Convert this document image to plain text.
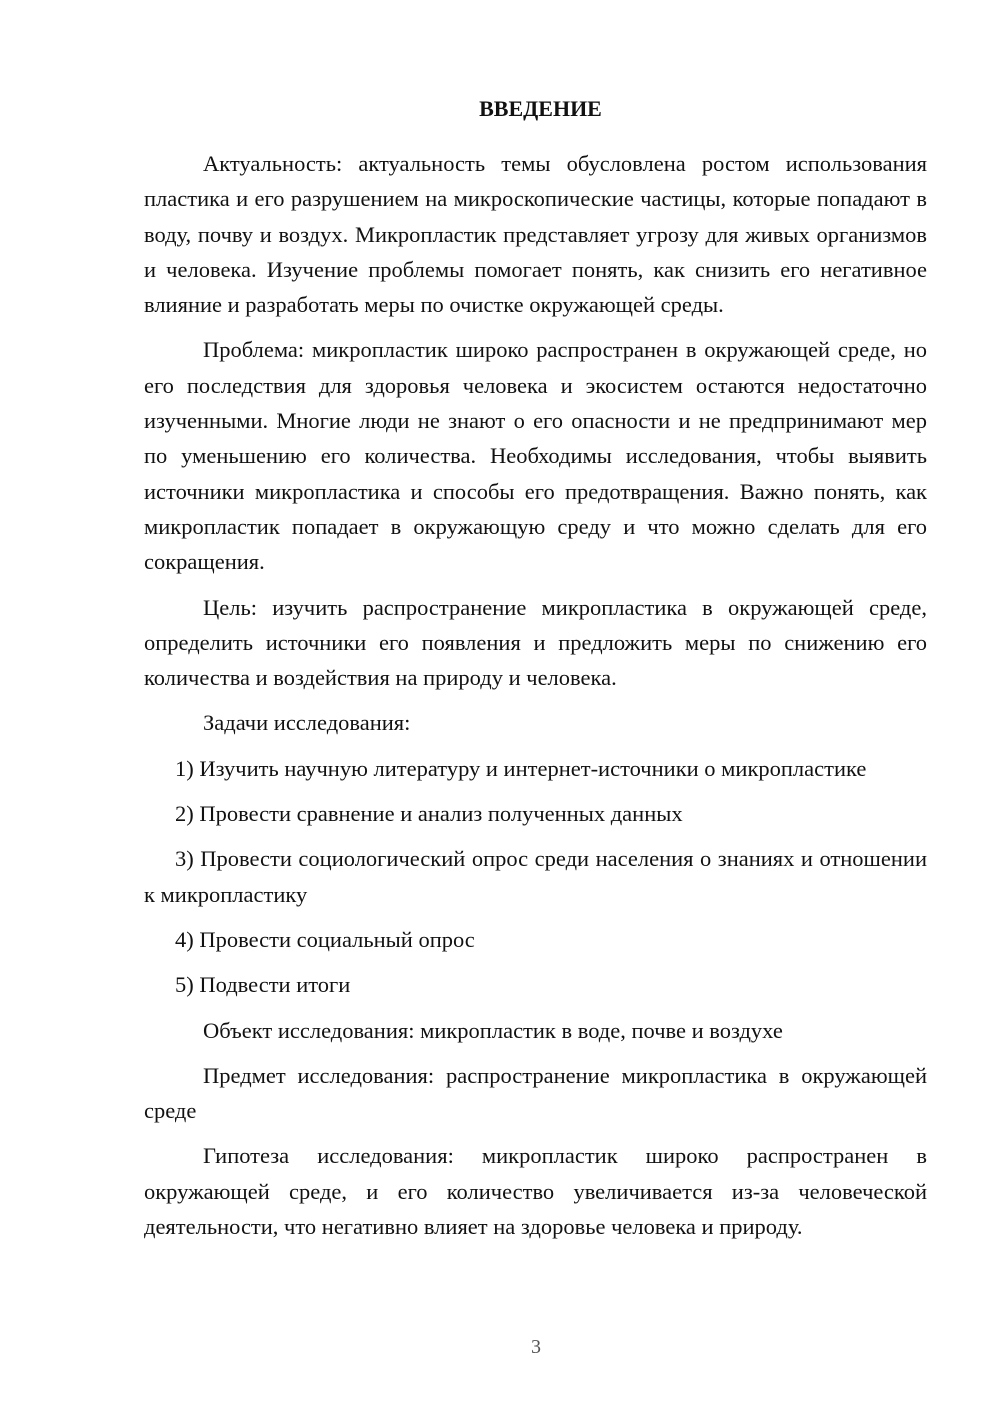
ВВЕДЕНИЕ

Актуальность: актуальность темы обусловлена ростом использования пластика и его разрушением на микроскопические частицы, которые попадают в воду, почву и воздух. Микропластик представляет угрозу для живых организмов и человека. Изучение проблемы помогает понять, как снизить его негативное влияние и разработать меры по очистке окружающей среды.

Проблема: микропластик широко распространен в окружающей среде, но его последствия для здоровья человека и экосистем остаются недостаточно изученными. Многие люди не знают о его опасности и не предпринимают мер по уменьшению его количества. Необходимы исследования, чтобы выявить источники микропластика и способы его предотвращения. Важно понять, как микропластик попадает в окружающую среду и что можно сделать для его сокращения.

Цель: изучить распространение микропластика в окружающей среде, определить источники его появления и предложить меры по снижению его количества и воздействия на природу и человека.

Задачи исследования:

1) Изучить научную литературу и интернет-источники о микропластике

2) Провести сравнение и анализ полученных данных

3) Провести социологический опрос среди населения о знаниях и отношении к микропластику

4) Провести социальный опрос

5) Подвести итоги

Объект исследования: микропластик в воде, почве и воздухе

Предмет исследования: распространение микропластика в окружающей среде

Гипотеза исследования: микропластик широко распространен в окружающей среде, и его количество увеличивается из-за человеческой деятельности, что негативно влияет на здоровье человека и природу.

3
